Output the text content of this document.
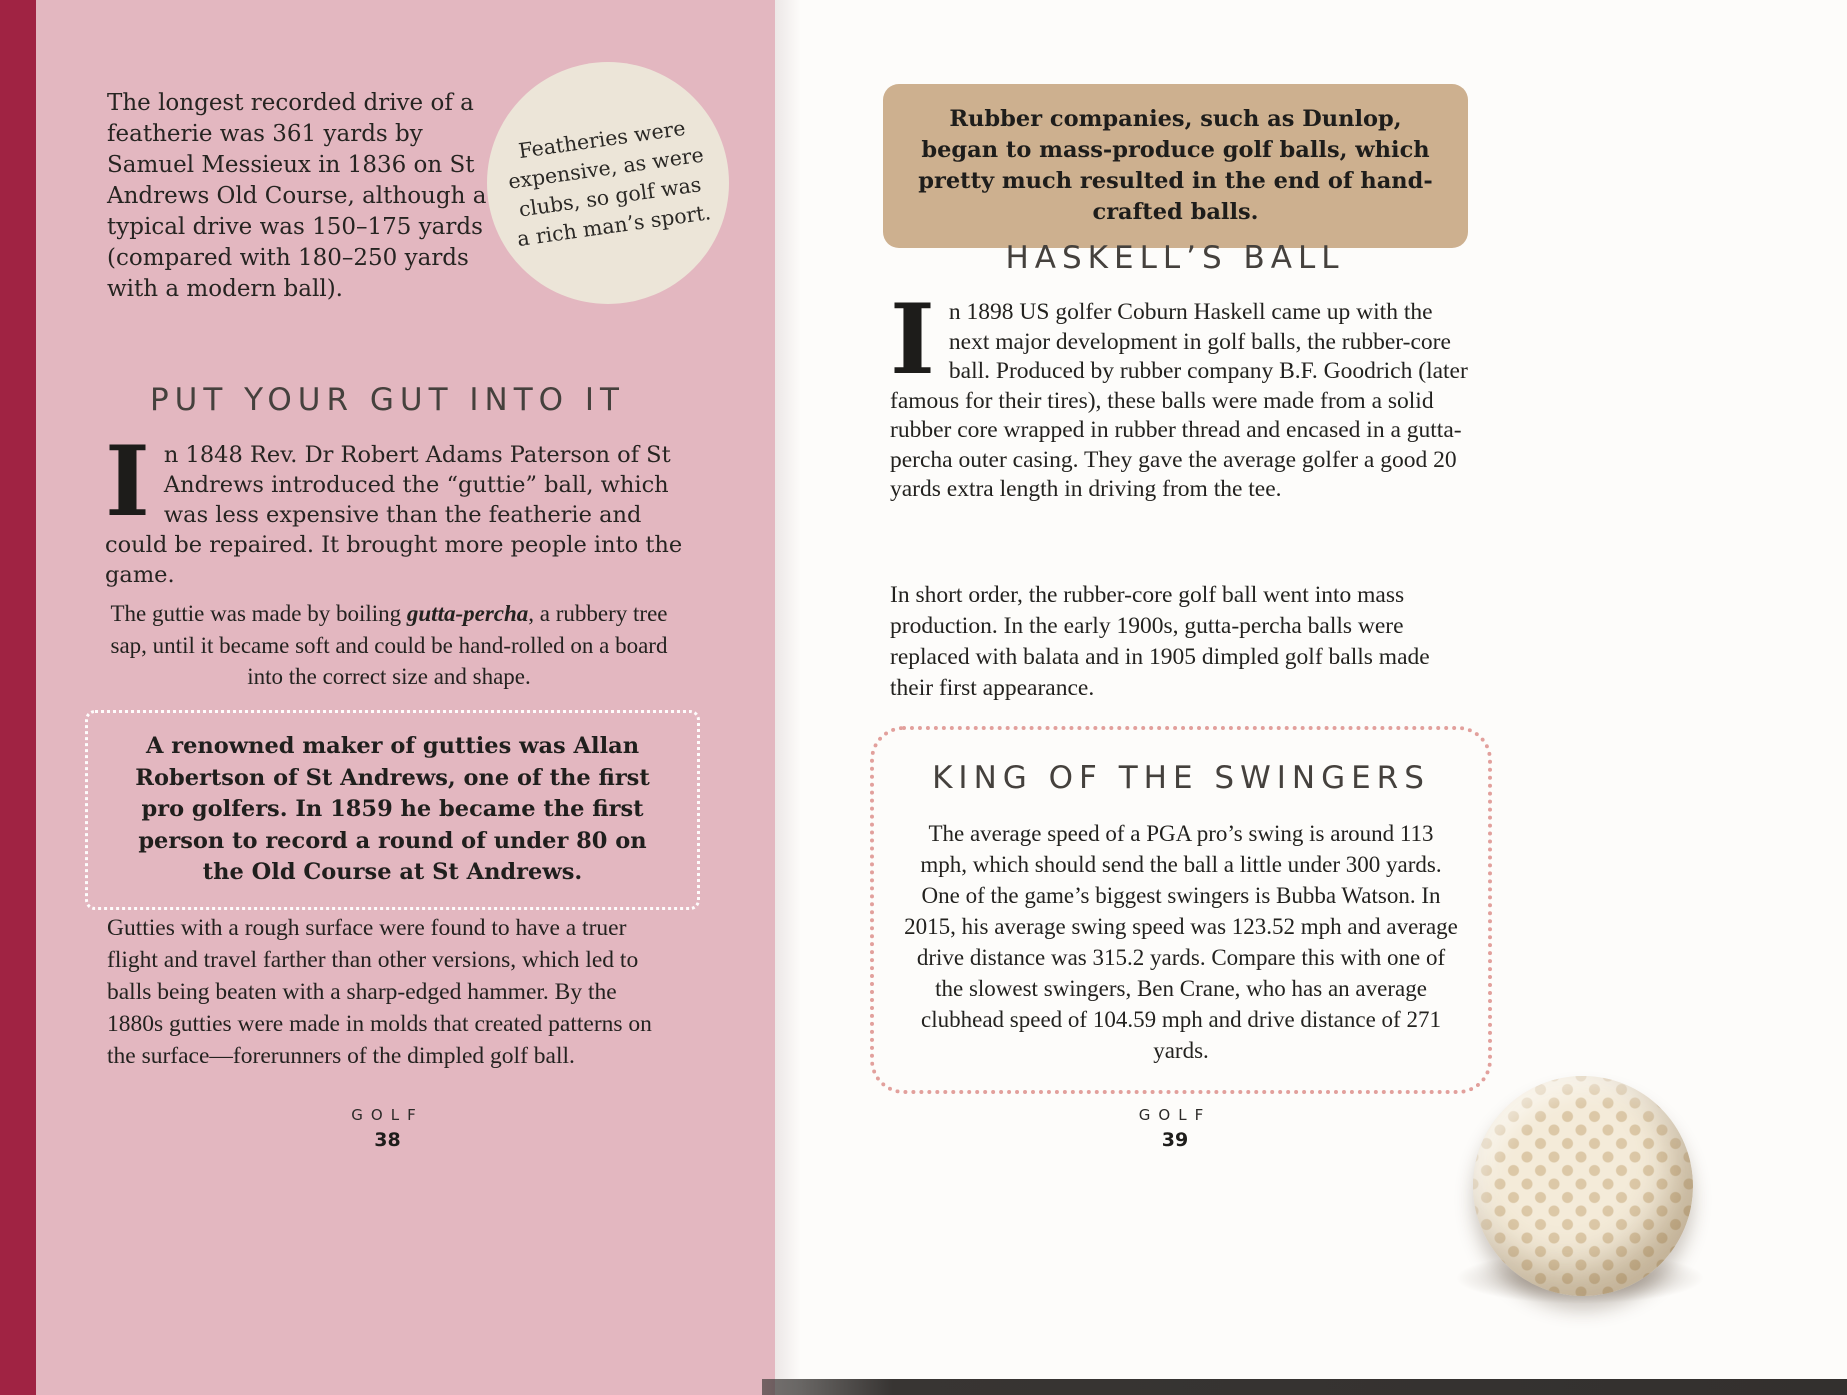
The longest recorded drive of a featherie was 361 yards by Samuel Messieux in 1836 on St Andrews Old Course, although a typical drive was 150–175 yards (compared with 180–250 yards with a modern ball).

Featheries were expensive, as were clubs, so golf was a rich man’s sport.

PUT YOUR GUT INTO IT
In 1848 Rev. Dr Robert Adams Paterson of St Andrews introduced the “guttie” ball, which was less expensive than the featherie and could be repaired. It brought more people into the game.

The guttie was made by boiling gutta-percha, a rubbery tree sap, until it became soft and could be hand-rolled on a board into the correct size and shape.

A renowned maker of gutties was Allan Robertson of St Andrews, one of the first pro golfers. In 1859 he became the first person to record a round of under 80 on the Old Course at St Andrews.

Gutties with a rough surface were found to have a truer flight and travel farther than other versions, which led to balls being beaten with a sharp-edged hammer. By the 1880s gutties were made in molds that created patterns on the surface—forerunners of the dimpled golf ball.

GOLF
38

Rubber companies, such as Dunlop, began to mass-produce golf balls, which pretty much resulted in the end of hand-crafted balls.

HASKELL’S BALL
In 1898 US golfer Coburn Haskell came up with the next major development in golf balls, the rubber-core ball. Produced by rubber company B.F. Goodrich (later famous for their tires), these balls were made from a solid rubber core wrapped in rubber thread and encased in a gutta-percha outer casing. They gave the average golfer a good 20 yards extra length in driving from the tee.

In short order, the rubber-core golf ball went into mass production. In the early 1900s, gutta-percha balls were replaced with balata and in 1905 dimpled golf balls made their first appearance.

KING OF THE SWINGERS

The average speed of a PGA pro’s swing is around 113 mph, which should send the ball a little under 300 yards. One of the game’s biggest swingers is Bubba Watson. In 2015, his average swing speed was 123.52 mph and average drive distance was 315.2 yards. Compare this with one of the slowest swingers, Ben Crane, who has an average clubhead speed of 104.59 mph and drive distance of 271 yards.

GOLF
39
